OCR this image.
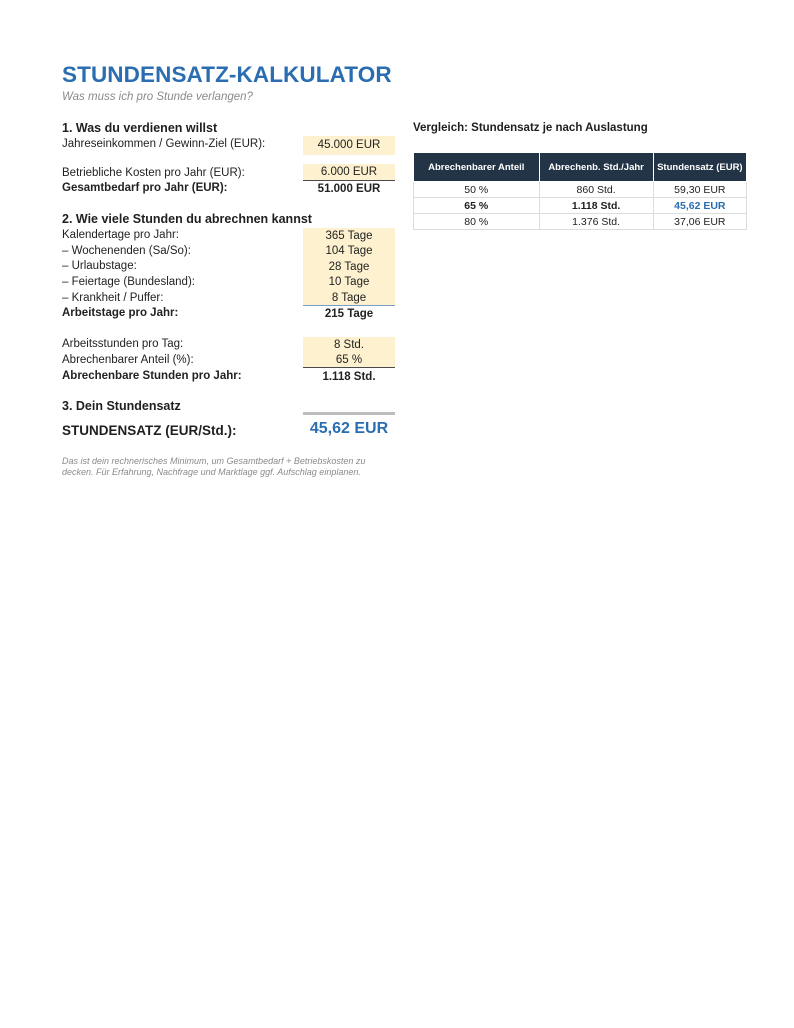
STUNDENSATZ-KALKULATOR
Was muss ich pro Stunde verlangen?
1. Was du verdienen willst
Jahreseinkommen / Gewinn-Ziel (EUR):	45.000 EUR
Betriebliche Kosten pro Jahr (EUR):	6.000 EUR
Gesamtbedarf pro Jahr (EUR):	51.000 EUR
2. Wie viele Stunden du abrechnen kannst
Kalendertage pro Jahr:	365 Tage
– Wochenenden (Sa/So):	104 Tage
– Urlaubstage:	28 Tage
– Feiertage (Bundesland):	10 Tage
– Krankheit / Puffer:	8 Tage
Arbeitstage pro Jahr:	215 Tage
Arbeitsstunden pro Tag:	8 Std.
Abrechenbarer Anteil (%):	65 %
Abrechenbare Stunden pro Jahr:	1.118 Std.
3. Dein Stundensatz
STUNDENSATZ (EUR/Std.):	45,62 EUR
Das ist dein rechnerisches Minimum, um Gesamtbedarf + Betriebskosten zu decken. Für Erfahrung, Nachfrage und Marktlage ggf. Aufschlag einplanen.
Vergleich: Stundensatz je nach Auslastung
Abrechenbarer Anteil	Abrechenb. Std./Jahr	Stundensatz (EUR)
50 %	860 Std.	59,30 EUR
65 %	1.118 Std.	45,62 EUR
80 %	1.376 Std.	37,06 EUR
